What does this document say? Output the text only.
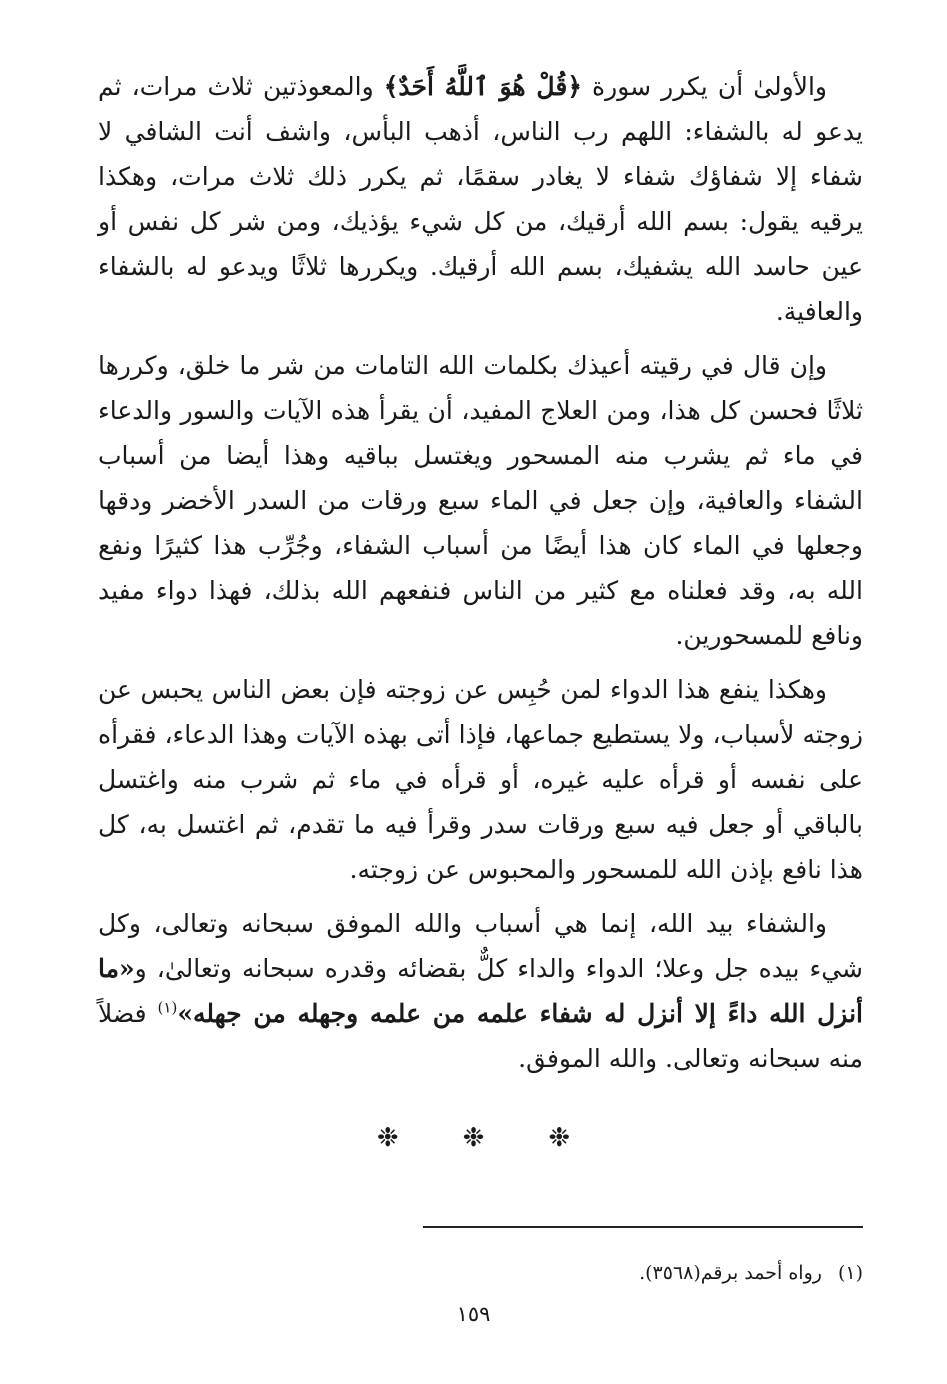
والأولىٰ أن يكرر سورة ﴿قُلْ هُوَ ٱللَّهُ أَحَدٌ﴾ والمعوذتين ثلاث مرات، ثم يدعو له بالشفاء: اللهم رب الناس، أذهب البأس، واشف أنت الشافي لا شفاء إلا شفاؤك شفاء لا يغادر سقمًا، ثم يكرر ذلك ثلاث مرات، وهكذا يرقيه يقول: بسم الله أرقيك، من كل شيء يؤذيك، ومن شر كل نفس أو عين حاسد الله يشفيك، بسم الله أرقيك. ويكررها ثلاثًا ويدعو له بالشفاء والعافية.

وإن قال في رقيته أعيذك بكلمات الله التامات من شر ما خلق، وكررها ثلاثًا فحسن كل هذا، ومن العلاج المفيد، أن يقرأ هذه الآيات والسور والدعاء في ماء ثم يشرب منه المسحور ويغتسل بباقيه وهذا أيضا من أسباب الشفاء والعافية، وإن جعل في الماء سبع ورقات من السدر الأخضر ودقها وجعلها في الماء كان هذا أيضًا من أسباب الشفاء، وجُرِّب هذا كثيرًا ونفع الله به، وقد فعلناه مع كثير من الناس فنفعهم الله بذلك، فهذا دواء مفيد ونافع للمسحورين.

وهكذا ينفع هذا الدواء لمن حُبِس عن زوجته فإن بعض الناس يحبس عن زوجته لأسباب، ولا يستطيع جماعها، فإذا أتى بهذه الآيات وهذا الدعاء، فقرأه على نفسه أو قرأه عليه غيره، أو قرأه في ماء ثم شرب منه واغتسل بالباقي أو جعل فيه سبع ورقات سدر وقرأ فيه ما تقدم، ثم اغتسل به، كل هذا نافع بإذن الله للمسحور والمحبوس عن زوجته.

والشفاء بيد الله، إنما هي أسباب والله الموفق سبحانه وتعالى، وكل شيء بيده جل وعلا؛ الدواء والداء كلٌّ بقضائه وقدره سبحانه وتعالىٰ، و«ما أنزل الله داءً إلا أنزل له شفاء علمه من علمه وجهله من جهله»$^{(١)}$ فضلاً منه سبحانه وتعالى. والله الموفق.

❉
❉
❉
(١)رواه أحمد برقم(٣٥٦٨).
١٥٩
